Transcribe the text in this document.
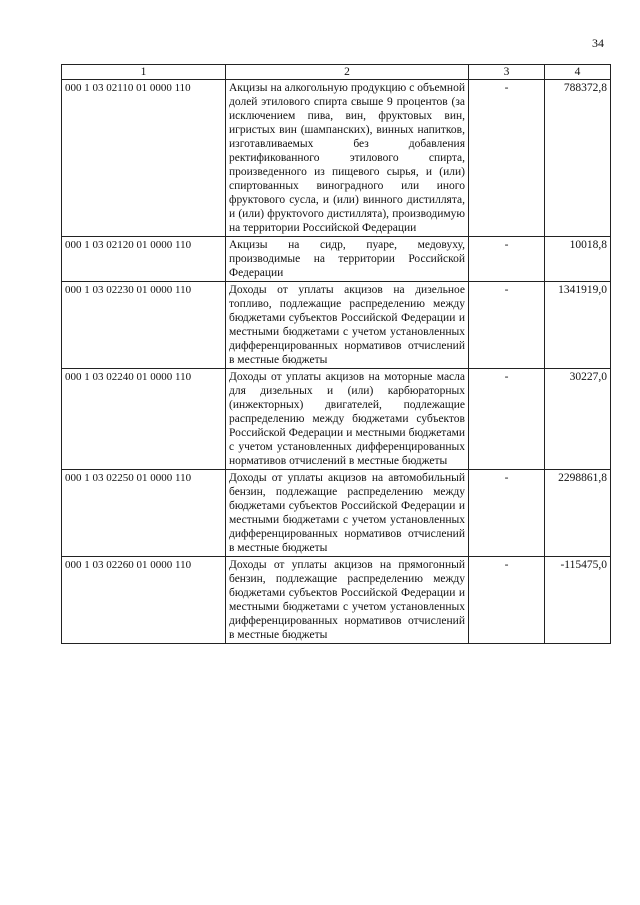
34
1	2	3	4
000 1 03 02110 01 0000 110	Акцизы на алкогольную продукцию с объемной долей этилового спирта свыше 9 процентов (за исключением пива, вин, фруктовых вин, игристых вин (шампанских), винных напитков, изготавливаемых без добавления ректификованного этилового спирта, произведенного из пищевого сырья, и (или) спиртованных виноградного или иного фруктового сусла, и (или) винного дистиллята, и (или) фруктоvого дистиллята), производимую на территории Российской Федерации	-	788372,8
000 1 03 02120 01 0000 110	Акцизы на сидр, пуаре, медовуху, производимые на территории Российской Федерации	-	10018,8
000 1 03 02230 01 0000 110	Доходы от уплаты акцизов на дизельное топливо, подлежащие распределению между бюджетами субъектов Российской Федерации и местными бюджетами с учетом установленных дифференцированных нормативов отчислений в местные бюджеты	-	1341919,0
000 1 03 02240 01 0000 110	Доходы от уплаты акцизов на моторные масла для дизельных и (или) карбюраторных (инжекторных) двигателей, подлежащие распределению между бюджетами субъектов Российской Федерации и местными бюджетами с учетом установленных дифференцированных нормативов отчислений в местные бюджеты	-	30227,0
000 1 03 02250 01 0000 110	Доходы от уплаты акцизов на автомобильный бензин, подлежащие распределению между бюджетами субъектов Российской Федерации и местными бюджетами с учетом установленных дифференцированных нормативов отчислений в местные бюджеты	-	2298861,8
000 1 03 02260 01 0000 110	Доходы от уплаты акцизов на прямогонный бензин, подлежащие распределению между бюджетами субъектов Российской Федерации и местными бюджетами с учетом установленных дифференцированных нормативов отчислений в местные бюджеты	-	-115475,0
